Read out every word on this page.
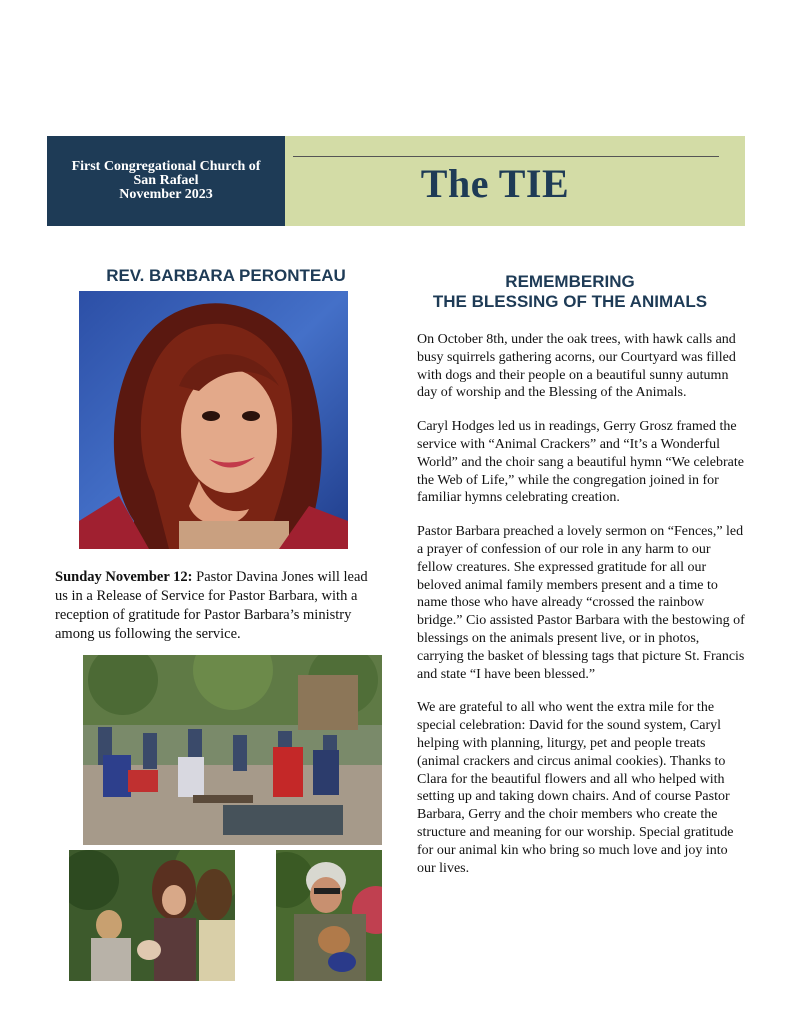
First Congregational Church of
San Rafael
November 2023	The TIE
REV. BARBARA PERONTEAU
Sunday November 12: Pastor Davina Jones will lead us in a Release of Service for Pastor Barbara, with a reception of gratitude for Pastor Barbara’s ministry among us following the service.
REMEMBERING
THE BLESSING OF THE ANIMALS

On October 8th, under the oak trees, with hawk calls and busy squirrels gathering acorns, our Courtyard was filled with dogs and their people on a beautiful sunny autumn day of worship and the Blessing of the Animals.

Caryl Hodges led us in readings, Gerry Grosz framed the service with “Animal Crackers” and “It’s a Wonderful World” and the choir sang a beautiful hymn “We celebrate the Web of Life,” while the congregation joined in for familiar hymns celebrating creation.

Pastor Barbara preached a lovely sermon on “Fences,” led a prayer of confession of our role in any harm to our fellow creatures. She expressed gratitude for all our beloved animal family members present and a time to name those who have already “crossed the rainbow bridge.” Cio assisted Pastor Barbara with the bestowing of blessings on the animals present live, or in photos, carrying the basket of blessing tags that picture St. Francis and state “I have been blessed.”

We are grateful to all who went the extra mile for the special celebration: David for the sound system, Caryl helping with planning, liturgy, pet and people treats (animal crackers and circus animal cookies). Thanks to Clara for the beautiful flowers and all who helped with setting up and taking down chairs. And of course Pastor Barbara, Gerry and the choir members who create the structure and meaning for our worship. Special gratitude for our animal kin who bring so much love and joy into our lives.
